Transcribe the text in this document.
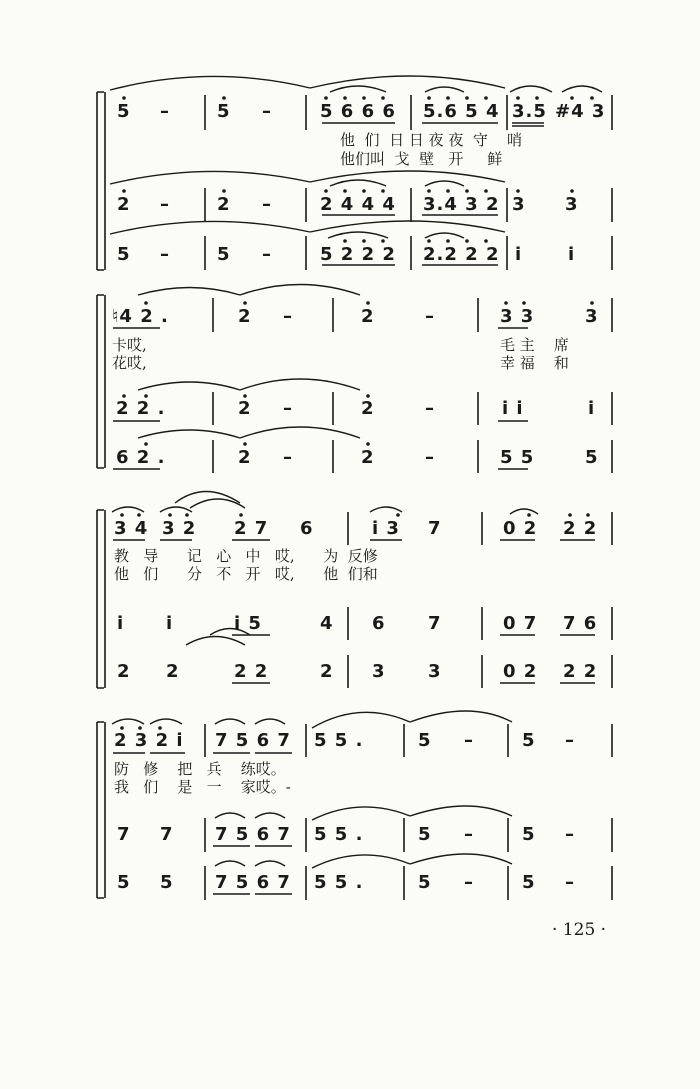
5 –	5 –	5 6 6 6 5.6 5 4 3.5 #4 3
他  们  日 日 夜 夜  守    哨
他们叫  戈  壁   开     鲜
2 –	2 –	2 4 4 4 3.4 3 2 3 3
5 –	5 –	5 2 2 2 2.2 2 2 i	i
♮4 2 .	2 –	2	–	3 3	3
卡哎,	毛 主    席
花哎,	幸 福    和
2 2 .	2 –	2	–	i i	i
6 2 .	2 –	2	–	5 5	5
3 4 3 2 2 7 6	i 3 7	0 2 2 2
教   导      记   心   中   哎,      为  反修
他   们      分   不   开   哎,      他  们和
i i	i 5	4 6 7	0 7 7 6
2 2	2 2	2 3 3	0 2 2 2
2 3 2 i 7 5 6 7 5 5 .	5 –	5 –
防   修    把   兵    练哎。
我   们    是   一    家哎。-
7 7 7 5 6 7 5 5 .	5 –	5 –
5 5 7 5 6 7 5 5 .	5 –	5 –
· 125 ·
